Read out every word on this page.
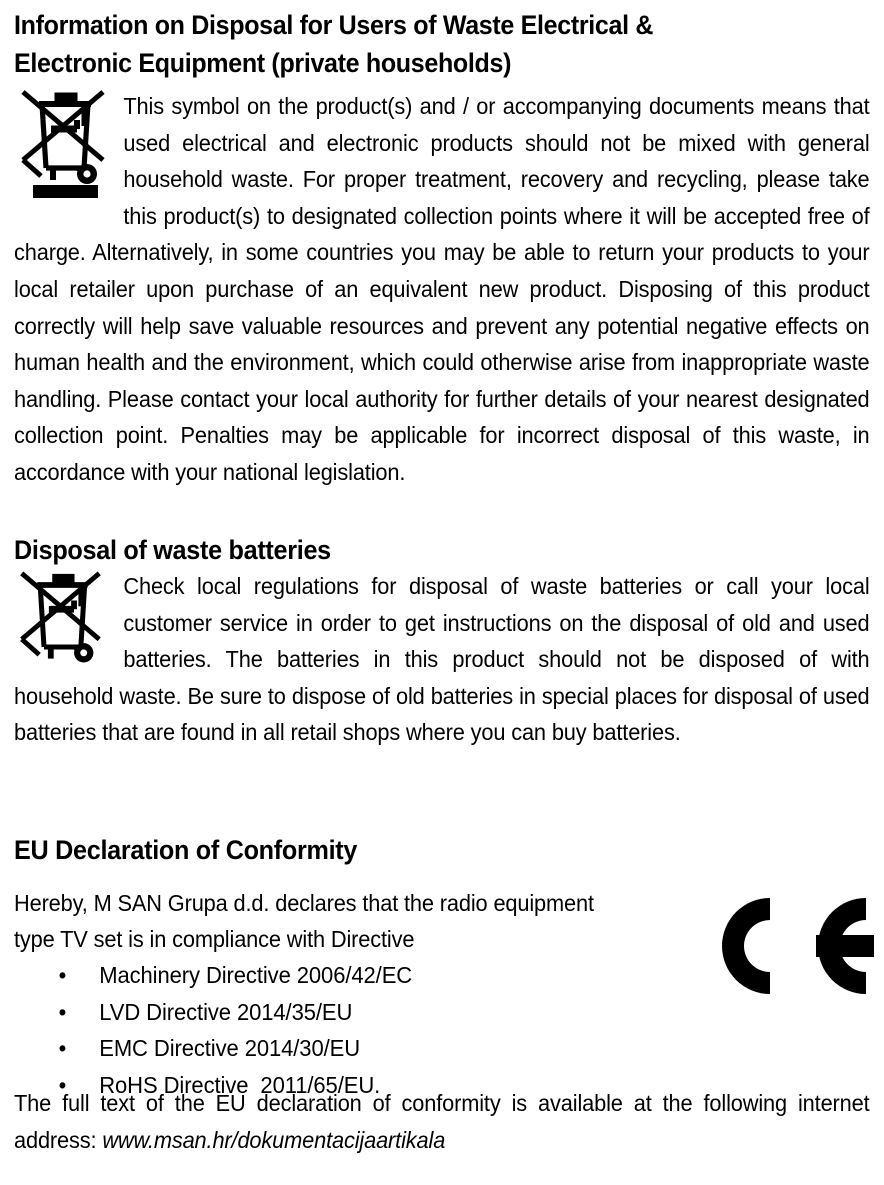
Information on Disposal for Users of Waste Electrical &
Electronic Equipment (private households)
This symbol on the product(s) and / or accompanying documents means that used electrical and electronic products should not be mixed with general household waste. For proper treatment, recovery and recycling, please take this product(s) to designated collection points where it will be accepted free of charge. Alternatively, in some countries you may be able to return your products to your local retailer upon purchase of an equivalent new product. Disposing of this product correctly will help save valuable resources and prevent any potential negative effects on human health and the environment, which could otherwise arise from inappropriate waste handling. Please contact your local authority for further details of your nearest designated collection point. Penalties may be applicable for incorrect disposal of this waste, in accordance with your national legislation.
Disposal of waste batteries
Check local regulations for disposal of waste batteries or call your local customer service in order to get instructions on the disposal of old and used batteries. The batteries in this product should not be disposed of with household waste. Be sure to dispose of old batteries in special places for disposal of used batteries that are found in all retail shops where you can buy batteries.
EU Declaration of Conformity
Hereby, M SAN Grupa d.d. declares that the radio equipment
type TV set is in compliance with Directive
• Machinery Directive 2006/42/EC
• LVD Directive 2014/35/EU
• EMC Directive 2014/30/EU
• RoHS Directive  2011/65/EU.
The full text of the EU declaration of conformity is available at the following internet address: www.msan.hr/dokumentacijaartikala
